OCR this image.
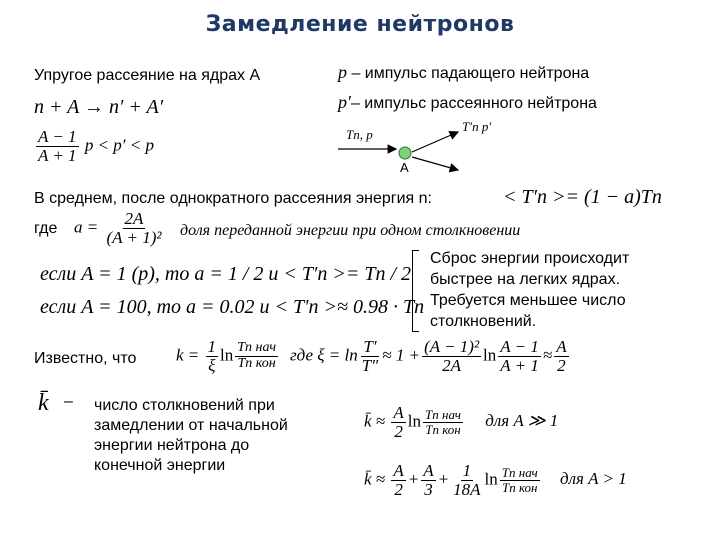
Замедление нейтронов
Упругое рассеяние на ядрах A
n + A → n′ + A′
$\frac{A - 1}{A + 1}$ p < p′ < p
p – импульс падающего нейтрона
p′– импульс рассеянного нейтрона
Tn, p
T′n p′
A
В среднем, после однократного рассеяния энергия n:	< T′n >= (1 − a)Tn
где $a = \frac{2A}{\text{(A + 1)²}}$ доля переданной энергии при одном столкновении
если A = 1 (p), то a = 1 / 2 и < T′n >= Tn / 2
если A = 100, то a = 0.02 и < T′n >≈ 0.98 · Tn
Сброс энергии происходит быстрее на легких ядрах. Требуется меньшее число столкновений.
Известно, что $k = \frac{1}{\xi}$ $\ln \frac{\text{Tn нач}}{\text{Tn кон}}$ где $\xi = \ln \frac{T'}{T''} \approx 1 + \frac{\text{(A − 1)²}}{2A}$ $\ln \frac{A - 1}{A + 1} \approx \frac{A}{2}$
k̄ – число столкновений при замедлении от начальной энергии нейтрона до конечной энергии
k̄ ≈ $\frac{A}{2}$ $\ln \frac{\text{Tn нач}}{\text{Tn кон}}$ для A ≫ 1
k̄ ≈ $\frac{A}{2} + \frac{A}{3} + \frac{1}{18A}$ $\ln \frac{\text{Tn нач}}{\text{Tn кон}}$ для A > 1
